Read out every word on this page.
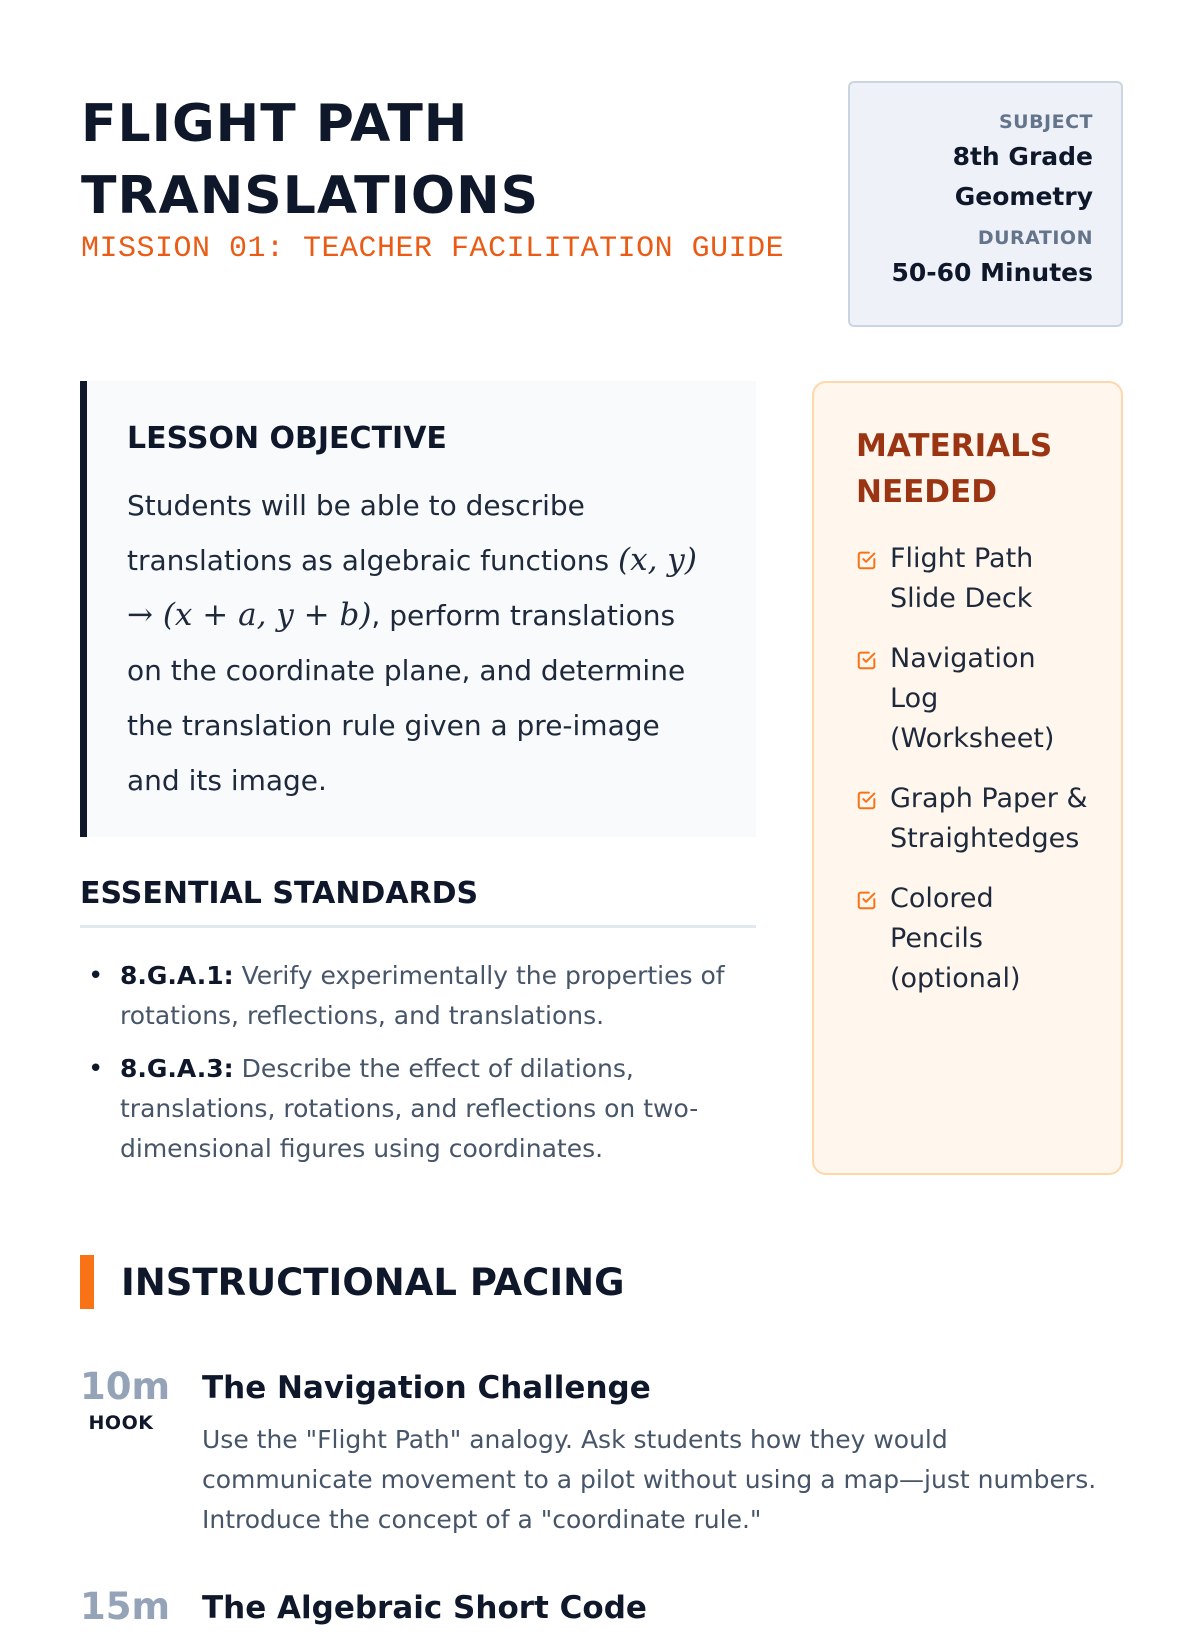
FLIGHT PATH
TRANSLATIONS
MISSION 01: TEACHER FACILITATION GUIDE
SUBJECT
8th Grade
Geometry
DURATION
50-60 Minutes
LESSON OBJECTIVE

Students will be able to describe translations as algebraic functions (x, y) → (x + a, y + b), perform translations on the coordinate plane, and determine the translation rule given a pre-image and its image.

ESSENTIAL STANDARDS
• 8.G.A.1: Verify experimentally the properties of rotations, reflections, and translations.
• 8.G.A.3: Describe the effect of dilations, translations, rotations, and reflections on two-dimensional figures using coordinates.
MATERIALS NEEDED
Flight Path Slide Deck
Navigation Log (Worksheet)
Graph Paper & Straightedges
Colored Pencils (optional)
INSTRUCTIONAL PACING
10m
HOOK
The Navigation Challenge
Use the "Flight Path" analogy. Ask students how they would communicate movement to a pilot without using a map—just numbers. Introduce the concept of a "coordinate rule."
15m The Algebraic Short Code
